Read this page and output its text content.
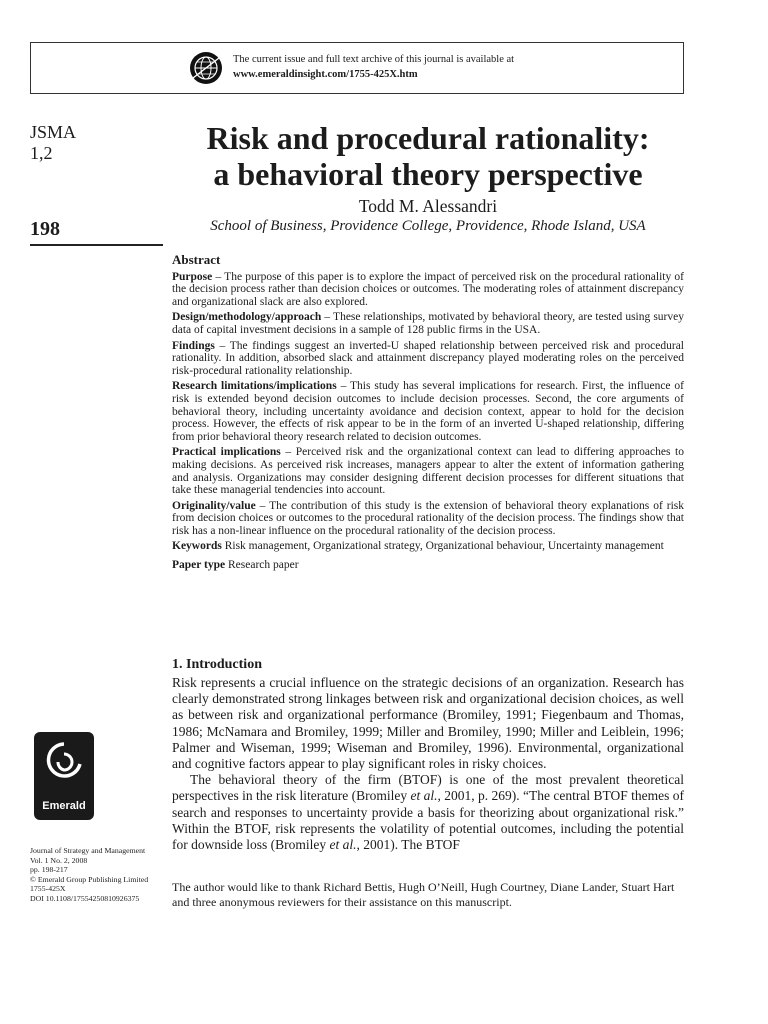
The current issue and full text archive of this journal is available at
www.emeraldinsight.com/1755-425X.htm
JSMA
1,2
198
Risk and procedural rationality:
a behavioral theory perspective
Todd M. Alessandri
School of Business, Providence College, Providence, Rhode Island, USA
Abstract

Purpose – The purpose of this paper is to explore the impact of perceived risk on the procedural rationality of the decision process rather than decision choices or outcomes. The moderating roles of attainment discrepancy and organizational slack are also explored.

Design/methodology/approach – These relationships, motivated by behavioral theory, are tested using survey data of capital investment decisions in a sample of 128 public firms in the USA.

Findings – The findings suggest an inverted-U shaped relationship between perceived risk and procedural rationality. In addition, absorbed slack and attainment discrepancy played moderating roles on the perceived risk-procedural rationality relationship.

Research limitations/implications – This study has several implications for research. First, the influence of risk is extended beyond decision outcomes to include decision processes. Second, the core arguments of behavioral theory, including uncertainty avoidance and decision context, appear to hold for the decision process. However, the effects of risk appear to be in the form of an inverted U-shaped relationship, differing from prior behavioral theory research related to decision outcomes.

Practical implications – Perceived risk and the organizational context can lead to differing approaches to making decisions. As perceived risk increases, managers appear to alter the extent of information gathering and analysis. Organizations may consider designing different decision processes for different situations that take these managerial tendencies into account.

Originality/value – The contribution of this study is the extension of behavioral theory explanations of risk from decision choices or outcomes to the procedural rationality of the decision process. The findings show that risk has a non-linear influence on the procedural rationality of the decision process.

Keywords Risk management, Organizational strategy, Organizational behaviour, Uncertainty management

Paper type Research paper

1. Introduction

Risk represents a crucial influence on the strategic decisions of an organization. Research has clearly demonstrated strong linkages between risk and organizational decision choices, as well as between risk and organizational performance (Bromiley, 1991; Fiegenbaum and Thomas, 1986; McNamara and Bromiley, 1999; Miller and Bromiley, 1990; Miller and Leiblein, 1996; Palmer and Wiseman, 1999; Wiseman and Bromiley, 1996). Environmental, organizational and cognitive factors appear to play significant roles in risky choices.

The behavioral theory of the firm (BTOF) is one of the most prevalent theoretical perspectives in the risk literature (Bromiley et al., 2001, p. 269). “The central BTOF themes of search and responses to uncertainty provide a basis for theorizing about organizational risk.” Within the BTOF, risk represents the volatility of potential outcomes, including the potential for downside loss (Bromiley et al., 2001). The BTOF

Emerald
Journal of Strategy and Management
Vol. 1 No. 2, 2008
pp. 198-217
© Emerald Group Publishing Limited
1755-425X
DOI 10.1108/17554250810926375
The author would like to thank Richard Bettis, Hugh O’Neill, Hugh Courtney, Diane Lander, Stuart Hart and three anonymous reviewers for their assistance on this manuscript.
